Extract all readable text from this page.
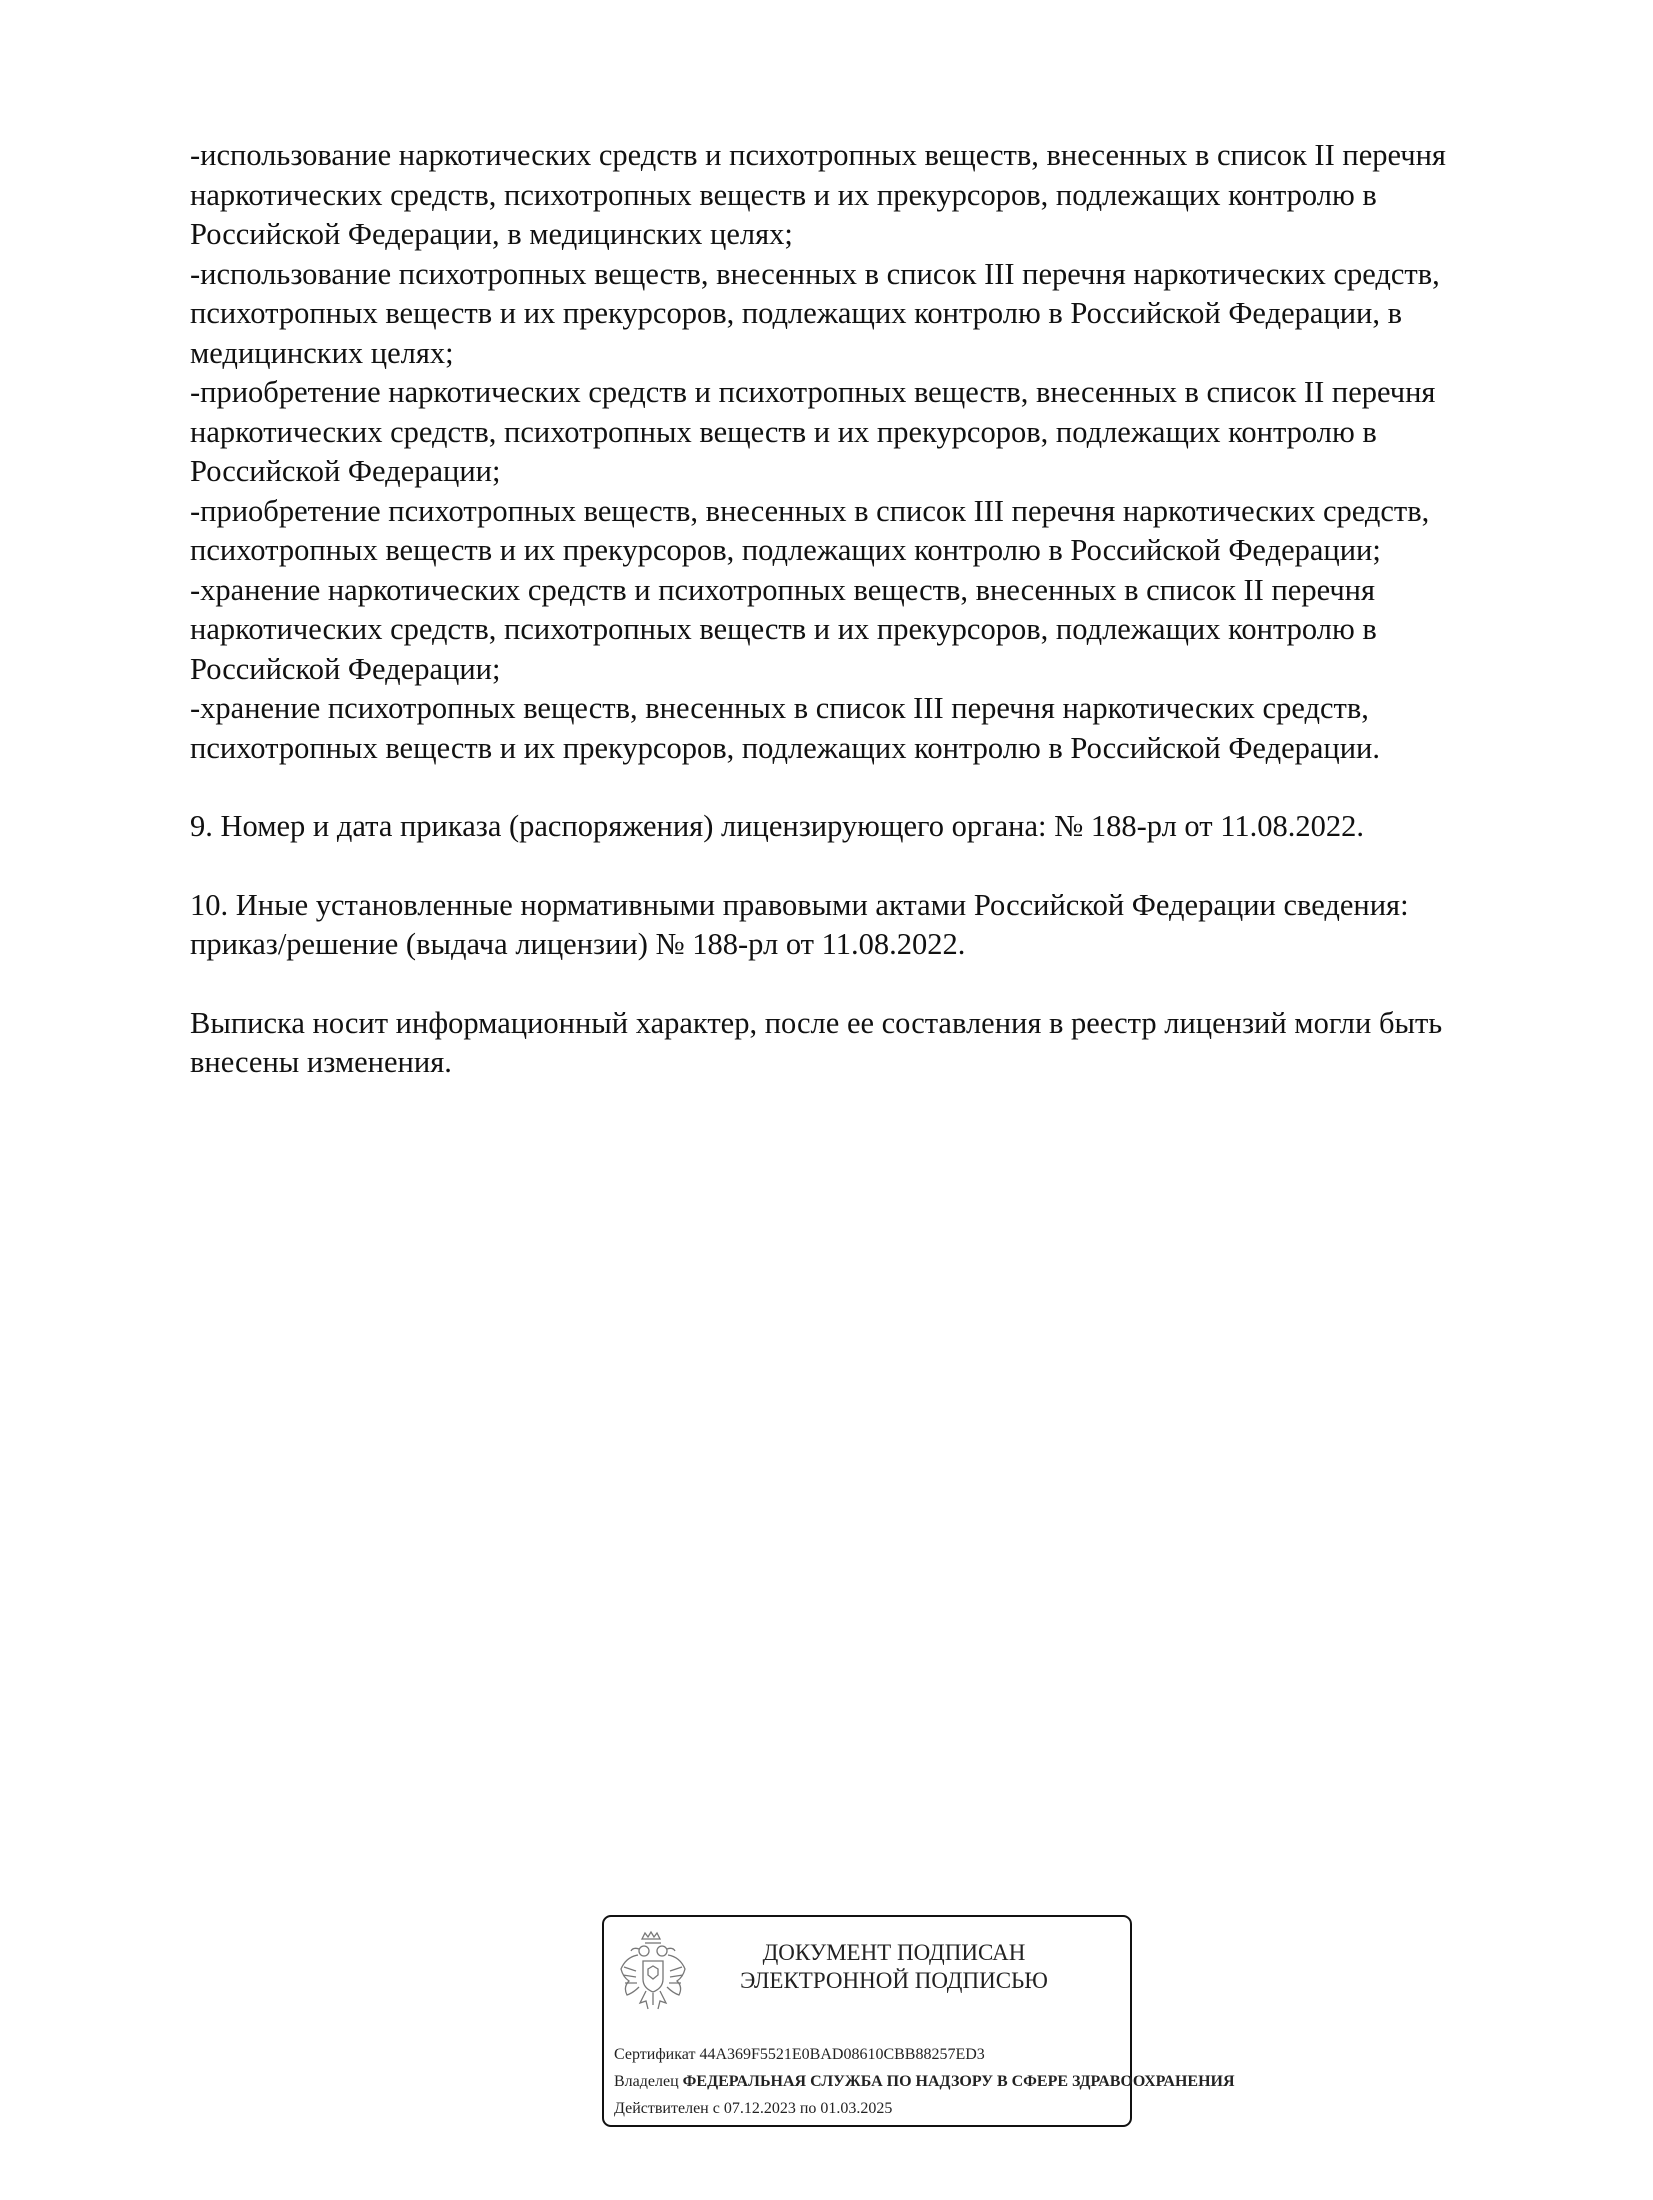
-использование наркотических средств и психотропных веществ, внесенных в список II перечня
наркотических средств, психотропных веществ и их прекурсоров, подлежащих контролю в
Российской Федерации, в медицинских целях;
-использование психотропных веществ, внесенных в список III перечня наркотических средств,
психотропных веществ и их прекурсоров, подлежащих контролю в Российской Федерации, в
медицинских целях;
-приобретение наркотических средств и психотропных веществ, внесенных в список II перечня
наркотических средств, психотропных веществ и их прекурсоров, подлежащих контролю в
Российской Федерации;
-приобретение психотропных веществ, внесенных в список III перечня наркотических средств,
психотропных веществ и их прекурсоров, подлежащих контролю в Российской Федерации;
-хранение наркотических средств и психотропных веществ, внесенных в список II перечня
наркотических средств, психотропных веществ и их прекурсоров, подлежащих контролю в
Российской Федерации;
-хранение психотропных веществ, внесенных в список III перечня наркотических средств,
психотропных веществ и их прекурсоров, подлежащих контролю в Российской Федерации.
9. Номер и дата приказа (распоряжения) лицензирующего органа: № 188-рл от 11.08.2022.
10. Иные установленные нормативными правовыми актами Российской Федерации сведения:
приказ/решение (выдача лицензии) № 188-рл от 11.08.2022.
Выписка носит информационный характер, после ее составления в реестр лицензий могли быть
внесены изменения.
ДОКУМЕНТ ПОДПИСАН
ЭЛЕКТРОННОЙ ПОДПИСЬЮ
Сертификат 44A369F5521E0BAD08610CBB88257ED3
Владелец ФЕДЕРАЛЬНАЯ СЛУЖБА ПО НАДЗОРУ В СФЕРЕ ЗДРАВООХРАНЕНИЯ
Действителен с 07.12.2023 по 01.03.2025
